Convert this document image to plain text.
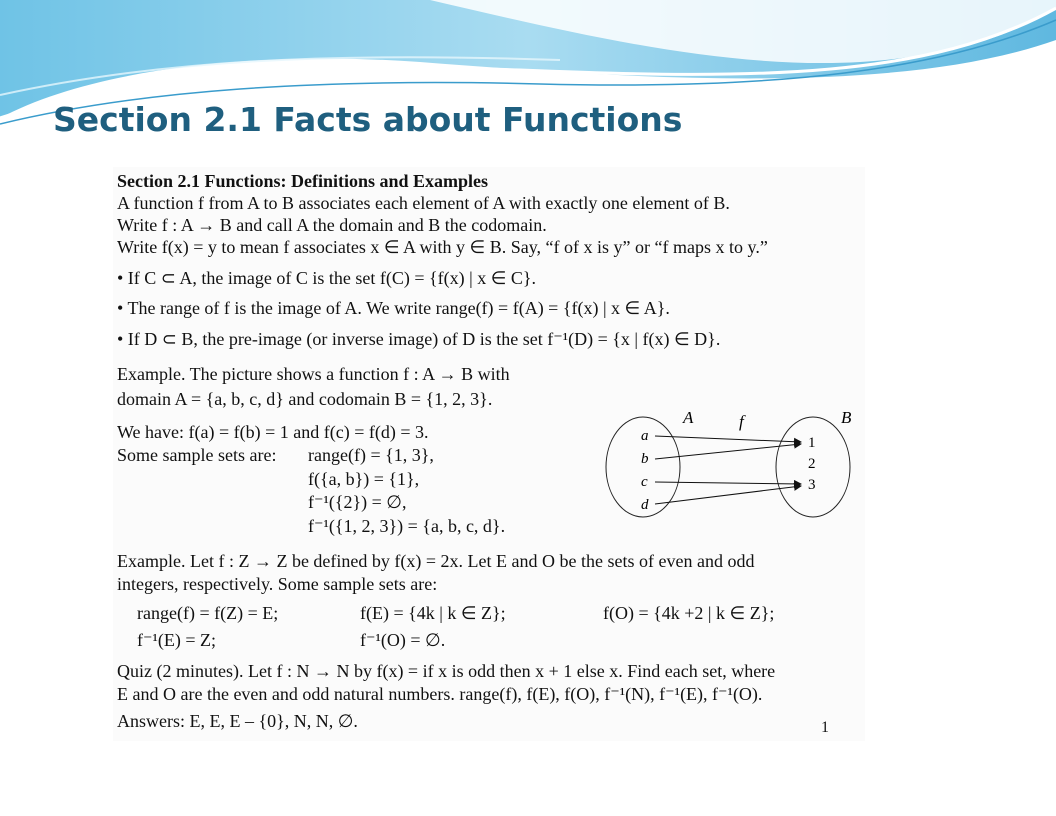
Section 2.1 Facts about Functions
Section 2.1 Functions: Definitions and Examples
A function f from A to B associates each element of A with exactly one element of B.
Write f : A → B and call A the domain and B the codomain.
Write f(x) = y to mean f associates x ∈ A with y ∈ B. Say, “f of x is y” or “f maps x to y.”
• If C ⊂ A, the image of C is the set f(C) = {f(x) | x ∈ C}.
• The range of f is the image of A. We write range(f) = f(A) = {f(x) | x ∈ A}.
• If D ⊂ B, the pre-image (or inverse image) of D is the set f⁻¹(D) = {x | f(x) ∈ D}.
Example. The picture shows a function f : A → B with
domain A = {a, b, c, d} and codomain B = {1, 2, 3}.
We have: f(a) = f(b) = 1 and f(c) = f(d) = 3.
Some sample sets are: range(f) = {1, 3},
f({a, b}) = {1},
f⁻¹({2}) = ∅,
f⁻¹({1, 2, 3}) = {a, b, c, d}.
Example. Let f : Z → Z be defined by f(x) = 2x. Let E and O be the sets of even and odd
integers, respectively. Some sample sets are:
range(f) = f(Z) = E;	f(E) = {4k | k ∈ Z};	f(O) = {4k +2 | k ∈ Z};
f⁻¹(E) = Z;	f⁻¹(O) = ∅.
Quiz (2 minutes). Let f : N → N by f(x) = if x is odd then x + 1 else x. Find each set, where
E and O are the even and odd natural numbers. range(f), f(E), f(O), f⁻¹(N), f⁻¹(E), f⁻¹(O).
Answers: E, E, E – {0}, N, N, ∅.	1
A	f	B
a
b
c
d
1
2
3
